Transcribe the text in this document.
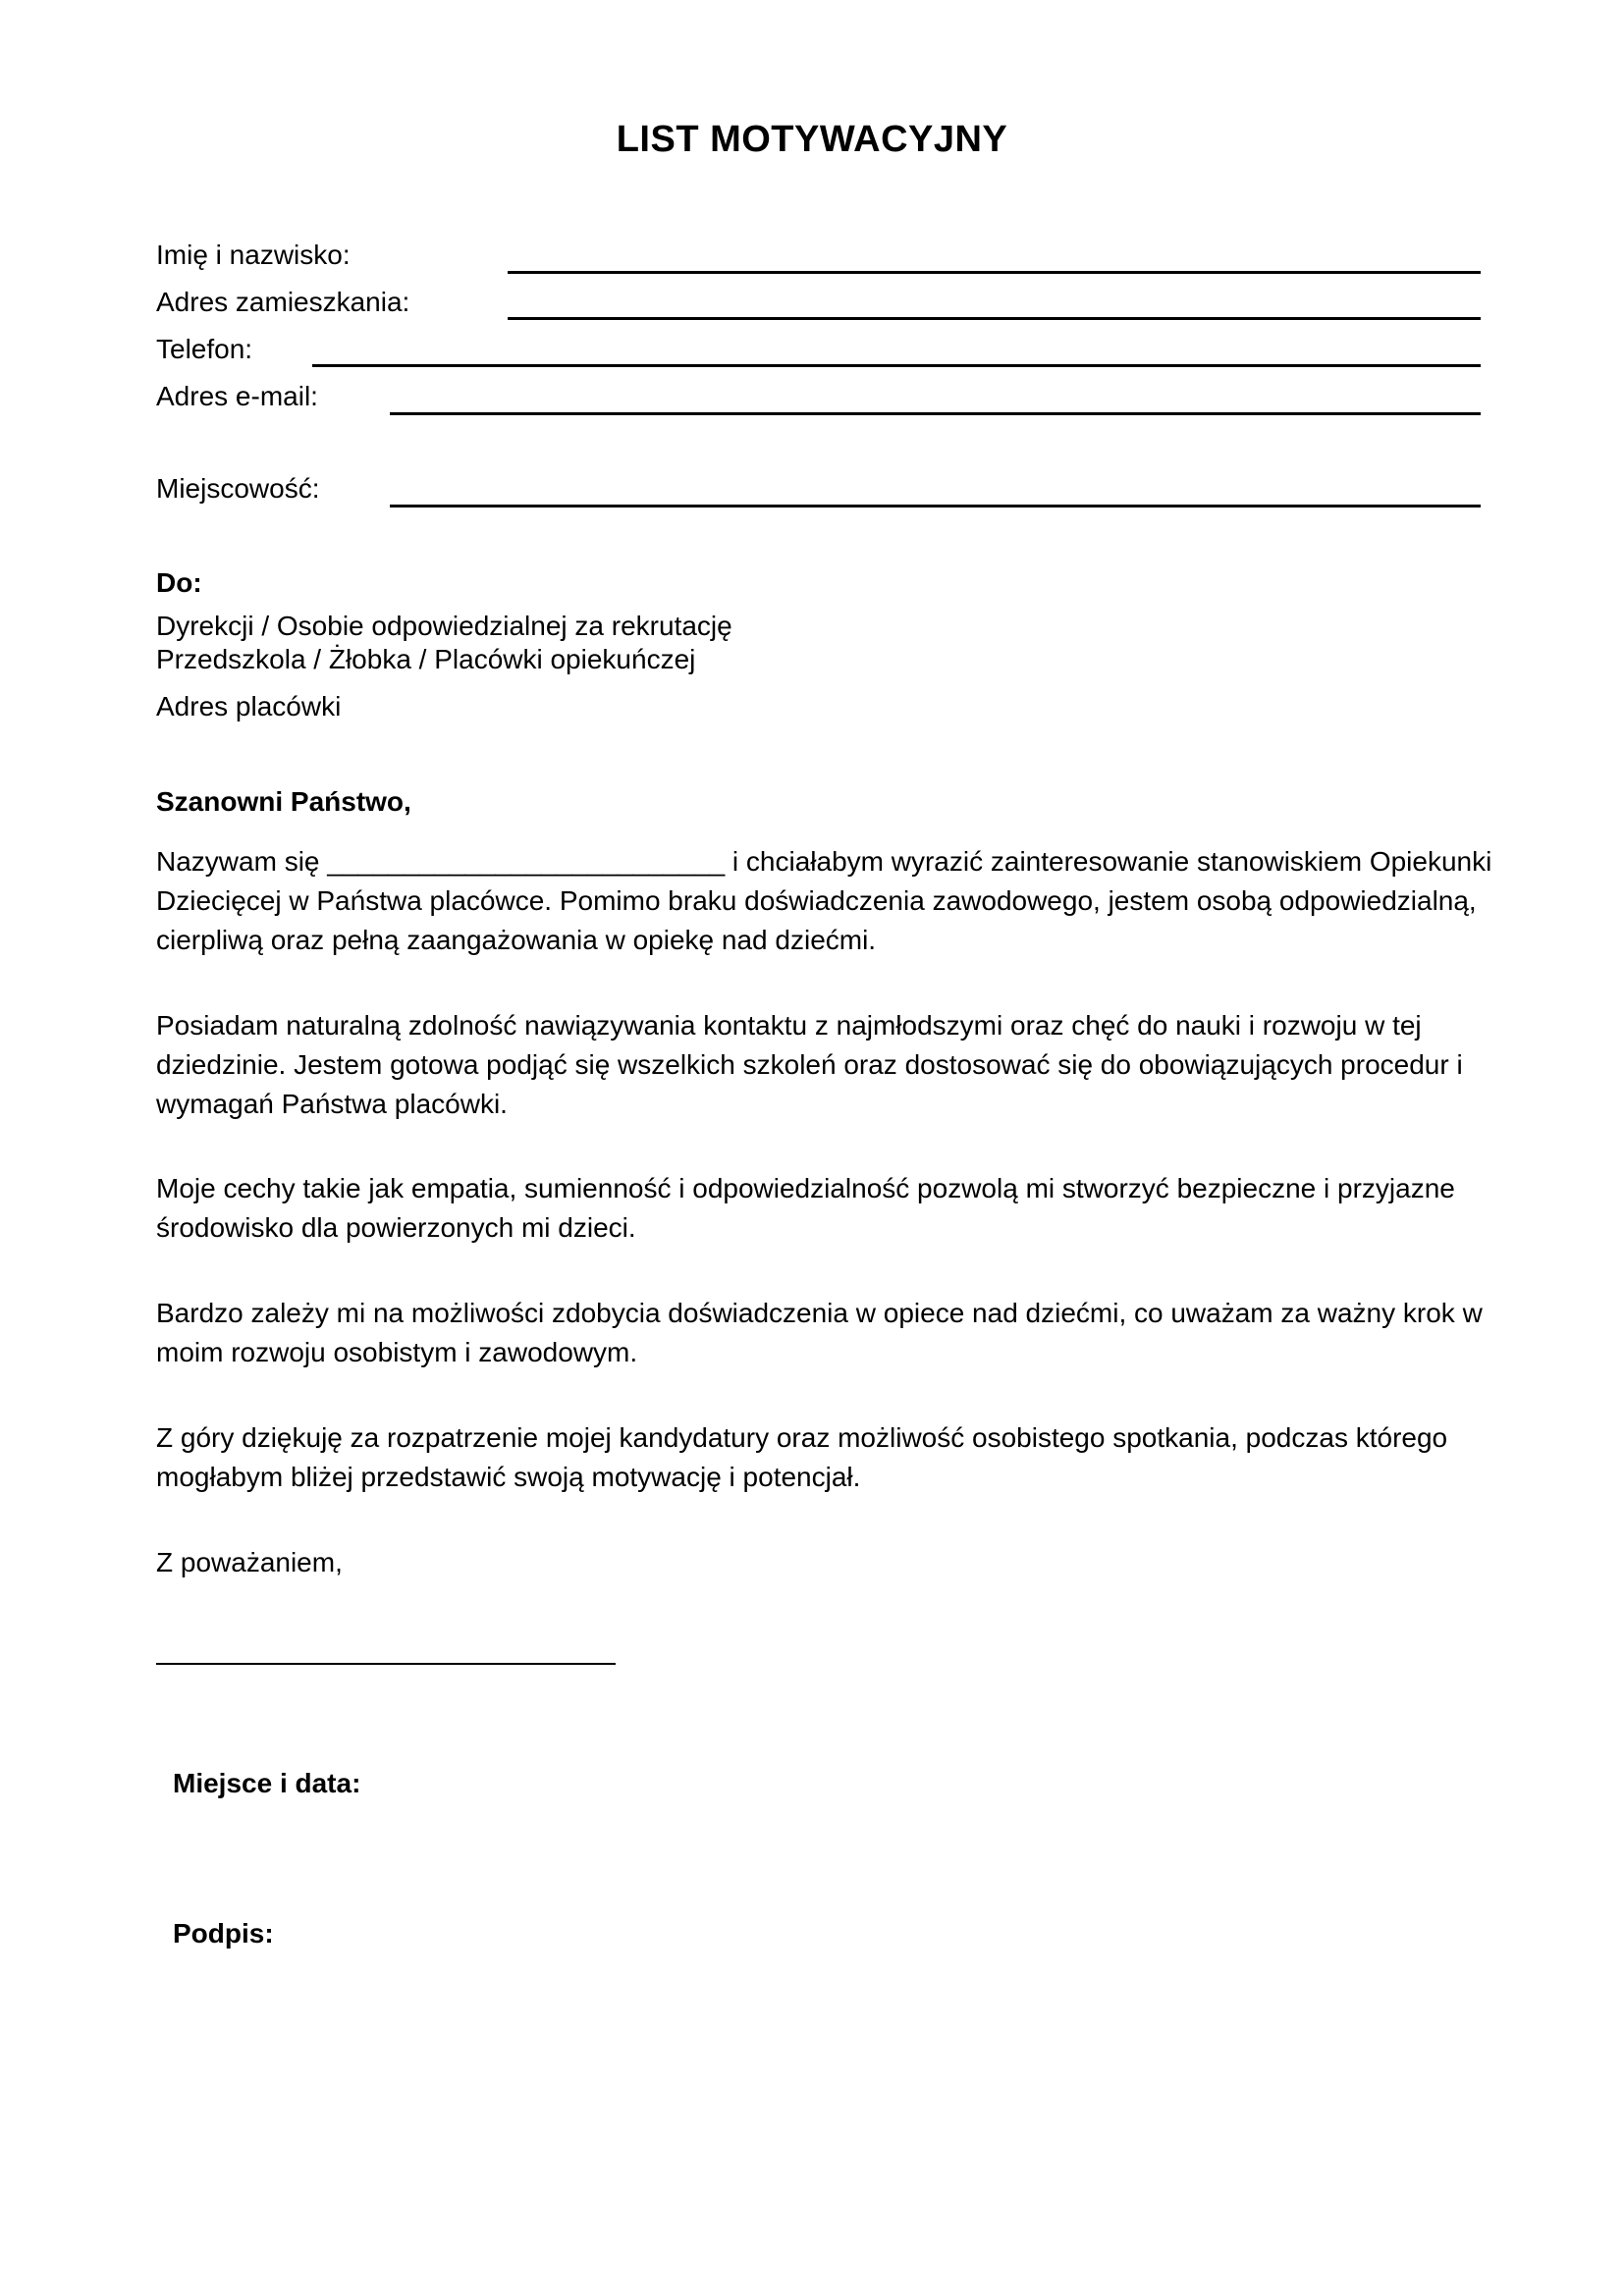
LIST MOTYWACYJNY
Imię i nazwisko:
Adres zamieszkania:
Telefon:
Adres e-mail:
Miejscowość:
Do:
Dyrekcji / Osobie odpowiedzialnej za rekrutację
Przedszkola / Żłobka / Placówki opiekuńczej
Adres placówki
Szanowni Państwo,
Nazywam się __________________________ i chciałabym wyrazić zainteresowanie stanowiskiem Opiekunki Dziecięcej w Państwa placówce. Pomimo braku doświadczenia zawodowego, jestem osobą odpowiedzialną, cierpliwą oraz pełną zaangażowania w opiekę nad dziećmi.
Posiadam naturalną zdolność nawiązywania kontaktu z najmłodszymi oraz chęć do nauki i rozwoju w tej dziedzinie. Jestem gotowa podjąć się wszelkich szkoleń oraz dostosować się do obowiązujących procedur i wymagań Państwa placówki.
Moje cechy takie jak empatia, sumienność i odpowiedzialność pozwolą mi stworzyć bezpieczne i przyjazne środowisko dla powierzonych mi dzieci.
Bardzo zależy mi na możliwości zdobycia doświadczenia w opiece nad dziećmi, co uważam za ważny krok w moim rozwoju osobistym i zawodowym.
Z góry dziękuję za rozpatrzenie mojej kandydatury oraz możliwość osobistego spotkania, podczas którego mogłabym bliżej przedstawić swoją motywację i potencjał.
Z poważaniem,
Miejsce i data:
Podpis:
